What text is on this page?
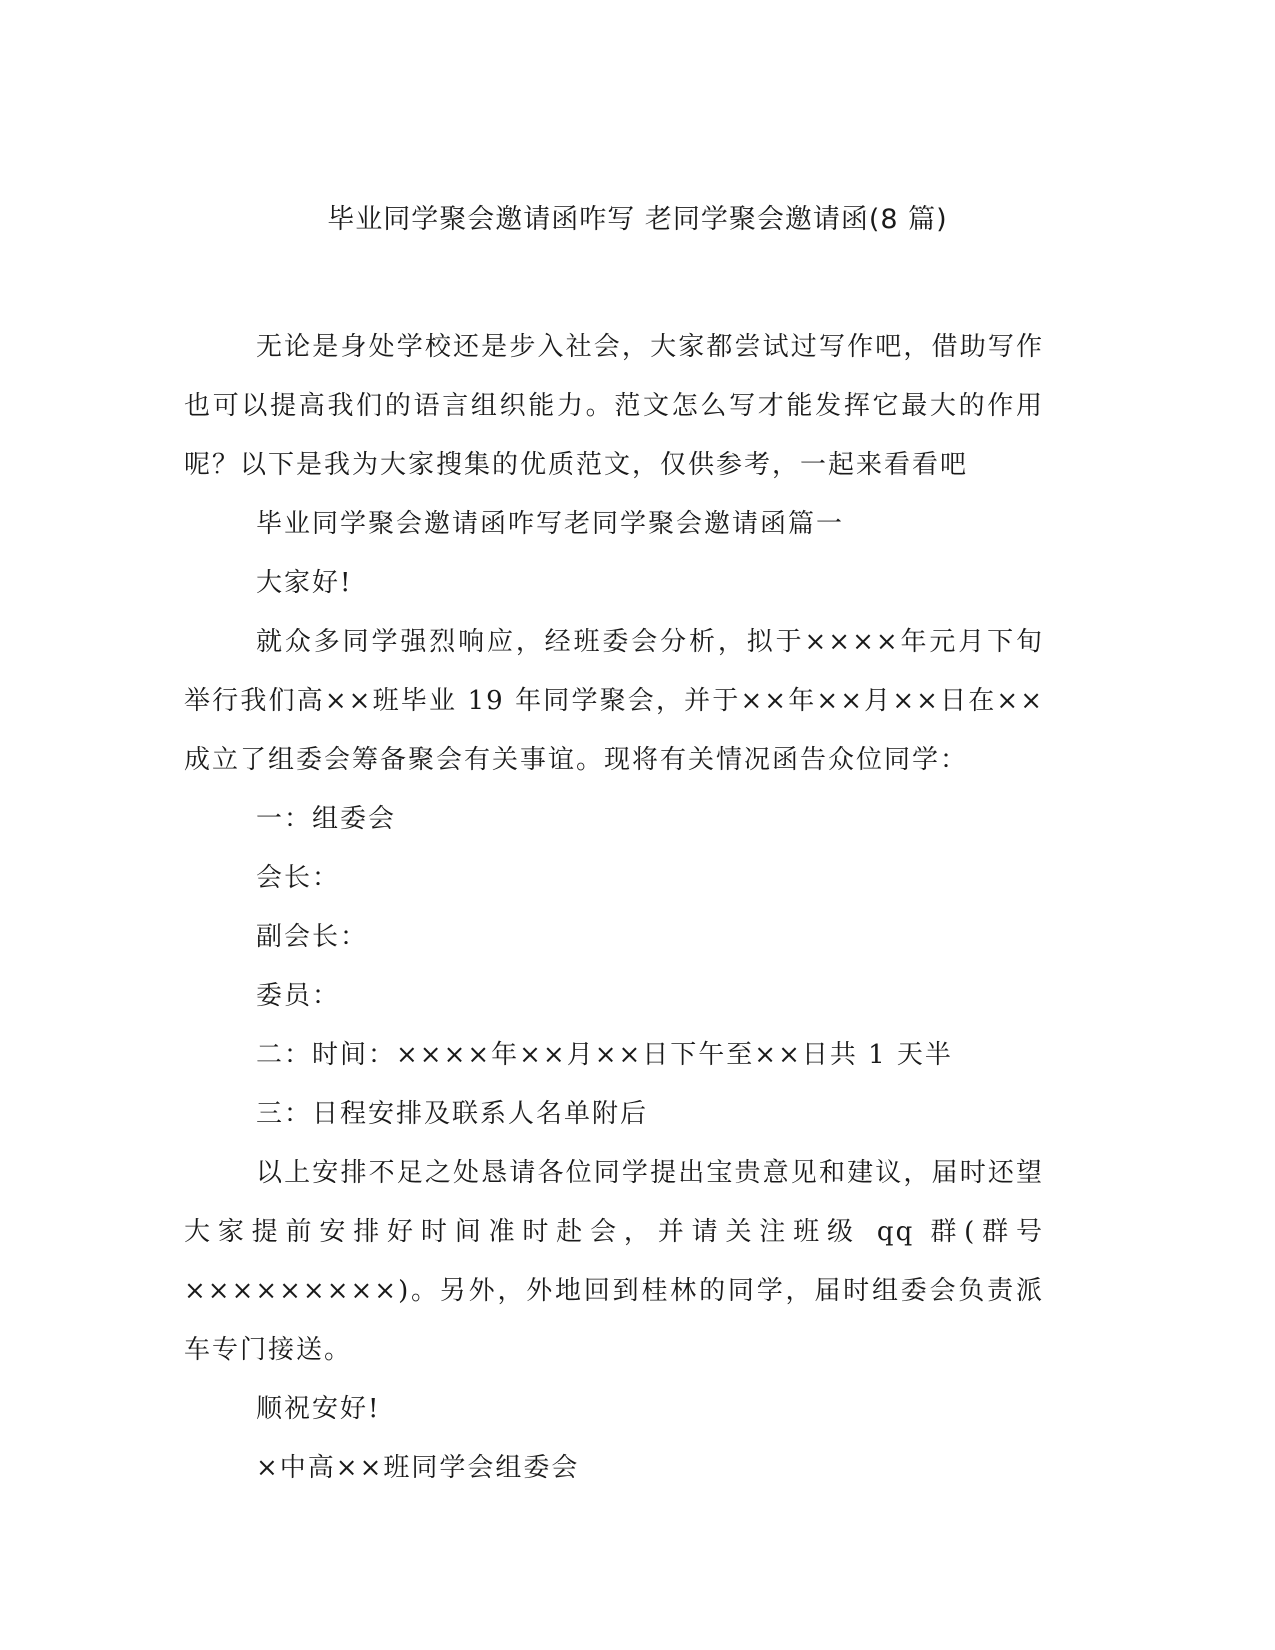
毕业同学聚会邀请函咋写 老同学聚会邀请函(8 篇)

无论是身处学校还是步入社会，大家都尝试过写作吧，借助写作也可以提高我们的语言组织能力。范文怎么写才能发挥它最大的作用呢？以下是我为大家搜集的优质范文，仅供参考，一起来看看吧

毕业同学聚会邀请函咋写老同学聚会邀请函篇一

大家好!

就众多同学强烈响应，经班委会分析，拟于××××年元月下旬举行我们高××班毕业 19 年同学聚会，并于××年××月××日在××成立了组委会筹备聚会有关事谊。现将有关情况函告众位同学：

一：组委会

会长：

副会长：

委员：

二：时间：××××年××月××日下午至××日共 1 天半

三：日程安排及联系人名单附后

以上安排不足之处恳请各位同学提出宝贵意见和建议，届时还望大家提前安排好时间准时赴会，并请关注班级 qq 群(群号×××××××××)。另外，外地回到桂林的同学，届时组委会负责派车专门接送。

顺祝安好!

×中高××班同学会组委会
